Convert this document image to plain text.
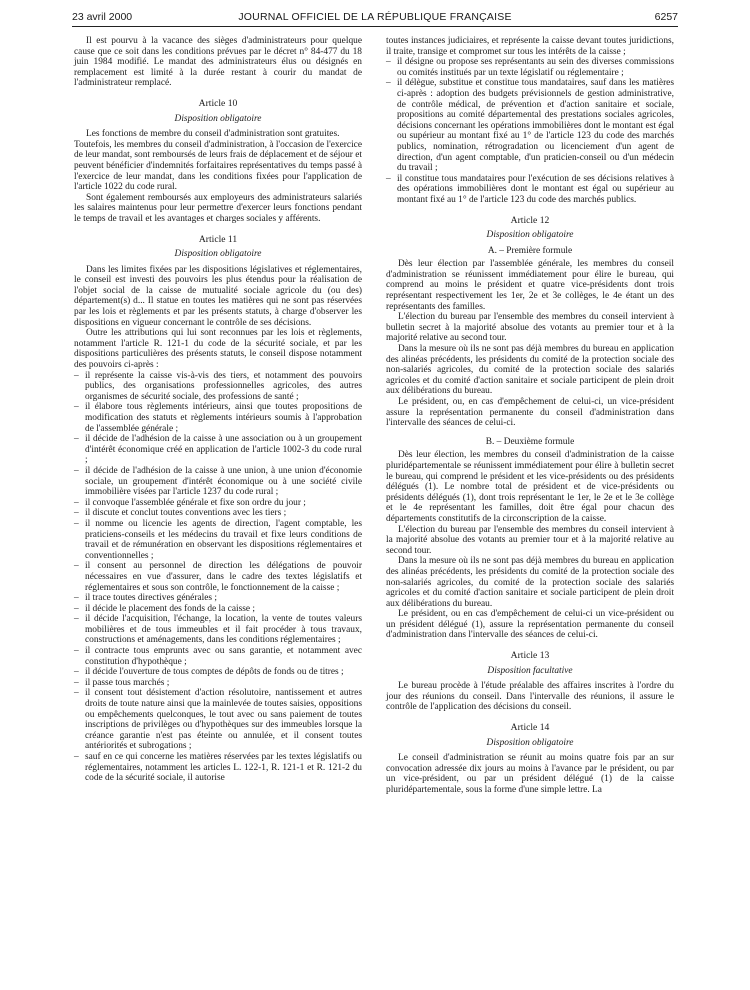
23 avril 2000	JOURNAL OFFICIEL DE LA RÉPUBLIQUE FRANÇAISE	6257

Il est pourvu à la vacance des sièges d'administrateurs pour quelque cause que ce soit dans les conditions prévues par le décret n° 84-477 du 18 juin 1984 modifié. Le mandat des administrateurs élus ou désignés en remplacement est limité à la durée restant à courir du mandat de l'administrateur remplacé.

Article 10
Disposition obligatoire

Les fonctions de membre du conseil d'administration sont gratuites.

Toutefois, les membres du conseil d'administration, à l'occasion de l'exercice de leur mandat, sont remboursés de leurs frais de déplacement et de séjour et peuvent bénéficier d'indemnités forfaitaires représentatives du temps passé à l'exercice de leur mandat, dans les conditions fixées pour l'application de l'article 1022 du code rural.

Sont également remboursés aux employeurs des administrateurs salariés les salaires maintenus pour leur permettre d'exercer leurs fonctions pendant le temps de travail et les avantages et charges sociales y afférents.

Article 11
Disposition obligatoire

Dans les limites fixées par les dispositions législatives et réglementaires, le conseil est investi des pouvoirs les plus étendus pour la réalisation de l'objet social de la caisse de mutualité sociale agricole du (ou des) département(s) d... Il statue en toutes les matières qui ne sont pas réservées par les lois et règlements et par les présents statuts, à charge d'observer les dispositions en vigueur concernant le contrôle de ses décisions.

Outre les attributions qui lui sont reconnues par les lois et règlements, notamment l'article R. 121-1 du code de la sécurité sociale, et par les dispositions particulières des présents statuts, le conseil dispose notamment des pouvoirs ci-après :

– il représente la caisse vis-à-vis des tiers, et notamment des pouvoirs publics, des organisations professionnelles agricoles, des autres organismes de sécurité sociale, des professions de santé ;
– il élabore tous règlements intérieurs, ainsi que toutes propositions de modification des statuts et règlements intérieurs soumis à l'approbation de l'assemblée générale ;
– il décide de l'adhésion de la caisse à une association ou à un groupement d'intérêt économique créé en application de l'article 1002-3 du code rural ;
– il décide de l'adhésion de la caisse à une union, à une union d'économie sociale, un groupement d'intérêt économique ou à une société civile immobilière visées par l'article 1237 du code rural ;
– il convoque l'assemblée générale et fixe son ordre du jour ;
– il discute et conclut toutes conventions avec les tiers ;
– il nomme ou licencie les agents de direction, l'agent comptable, les praticiens-conseils et les médecins du travail et fixe leurs conditions de travail et de rémunération en observant les dispositions réglementaires et conventionnelles ;
– il consent au personnel de direction les délégations de pouvoir nécessaires en vue d'assurer, dans le cadre des textes législatifs et réglementaires et sous son contrôle, le fonctionnement de la caisse ;
– il trace toutes directives générales ;
– il décide le placement des fonds de la caisse ;
– il décide l'acquisition, l'échange, la location, la vente de toutes valeurs mobilières et de tous immeubles et il fait procéder à tous travaux, constructions et aménagements, dans les conditions réglementaires ;
– il contracte tous emprunts avec ou sans garantie, et notamment avec constitution d'hypothèque ;
– il décide l'ouverture de tous comptes de dépôts de fonds ou de titres ;
– il passe tous marchés ;
– il consent tout désistement d'action résolutoire, nantissement et autres droits de toute nature ainsi que la mainlevée de toutes saisies, oppositions ou empêchements quelconques, le tout avec ou sans paiement de toutes inscriptions de privilèges ou d'hypothèques sur des immeubles lorsque la créance garantie n'est pas éteinte ou annulée, et il consent toutes antériorités et subrogations ;
– sauf en ce qui concerne les matières réservées par les textes législatifs ou réglementaires, notamment les articles L. 122-1, R. 121-1 et R. 121-2 du code de la sécurité sociale, il autorise

toutes instances judiciaires, et représente la caisse devant toutes juridictions, il traite, transige et compromet sur tous les intérêts de la caisse ;

– il désigne ou propose ses représentants au sein des diverses commissions ou comités institués par un texte législatif ou réglementaire ;
– il délègue, substitue et constitue tous mandataires, sauf dans les matières ci-après : adoption des budgets prévisionnels de gestion administrative, de contrôle médical, de prévention et d'action sanitaire et sociale, propositions au comité départemental des prestations sociales agricoles, décisions concernant les opérations immobilières dont le montant est égal ou supérieur au montant fixé au 1° de l'article 123 du code des marchés publics, nomination, rétrogradation ou licenciement d'un agent de direction, d'un agent comptable, d'un praticien-conseil ou d'un médecin du travail ;
– il constitue tous mandataires pour l'exécution de ses décisions relatives à des opérations immobilières dont le montant est égal ou supérieur au montant fixé au 1° de l'article 123 du code des marchés publics.
Article 12
Disposition obligatoire
A. – Première formule

Dès leur élection par l'assemblée générale, les membres du conseil d'administration se réunissent immédiatement pour élire le bureau, qui comprend au moins le président et quatre vice-présidents dont trois représentant respectivement les 1er, 2e et 3e collèges, le 4e étant un des représentants des familles.

L'élection du bureau par l'ensemble des membres du conseil intervient à bulletin secret à la majorité absolue des votants au premier tour et à la majorité relative au second tour.

Dans la mesure où ils ne sont pas déjà membres du bureau en application des alinéas précédents, les présidents du comité de la protection sociale des non-salariés agricoles, du comité de la protection sociale des salariés agricoles et du comité d'action sanitaire et sociale participent de plein droit aux délibérations du bureau.

Le président, ou, en cas d'empêchement de celui-ci, un vice-président assure la représentation permanente du conseil d'administration dans l'intervalle des séances de celui-ci.

B. – Deuxième formule

Dès leur élection, les membres du conseil d'administration de la caisse pluridépartementale se réunissent immédiatement pour élire à bulletin secret le bureau, qui comprend le président et les vice-présidents ou des présidents délégués (1). Le nombre total de président et de vice-présidents ou présidents délégués (1), dont trois représentant le 1er, le 2e et le 3e collège et le 4e représentant les familles, doit être égal pour chacun des départements constitutifs de la circonscription de la caisse.

L'élection du bureau par l'ensemble des membres du conseil intervient à la majorité absolue des votants au premier tour et à la majorité relative au second tour.

Dans la mesure où ils ne sont pas déjà membres du bureau en application des alinéas précédents, les présidents du comité de la protection sociale des non-salariés agricoles, du comité de la protection sociale des salariés agricoles et du comité d'action sanitaire et sociale participent de plein droit aux délibérations du bureau.

Le président, ou en cas d'empêchement de celui-ci un vice-président ou un président délégué (1), assure la représentation permanente du conseil d'administration dans l'intervalle des séances de celui-ci.

Article 13
Disposition facultative

Le bureau procède à l'étude préalable des affaires inscrites à l'ordre du jour des réunions du conseil. Dans l'intervalle des réunions, il assure le contrôle de l'application des décisions du conseil.

Article 14
Disposition obligatoire

Le conseil d'administration se réunit au moins quatre fois par an sur convocation adressée dix jours au moins à l'avance par le président, ou par un vice-président, ou par un président délégué (1) de la caisse pluridépartementale, sous la forme d'une simple lettre. La
